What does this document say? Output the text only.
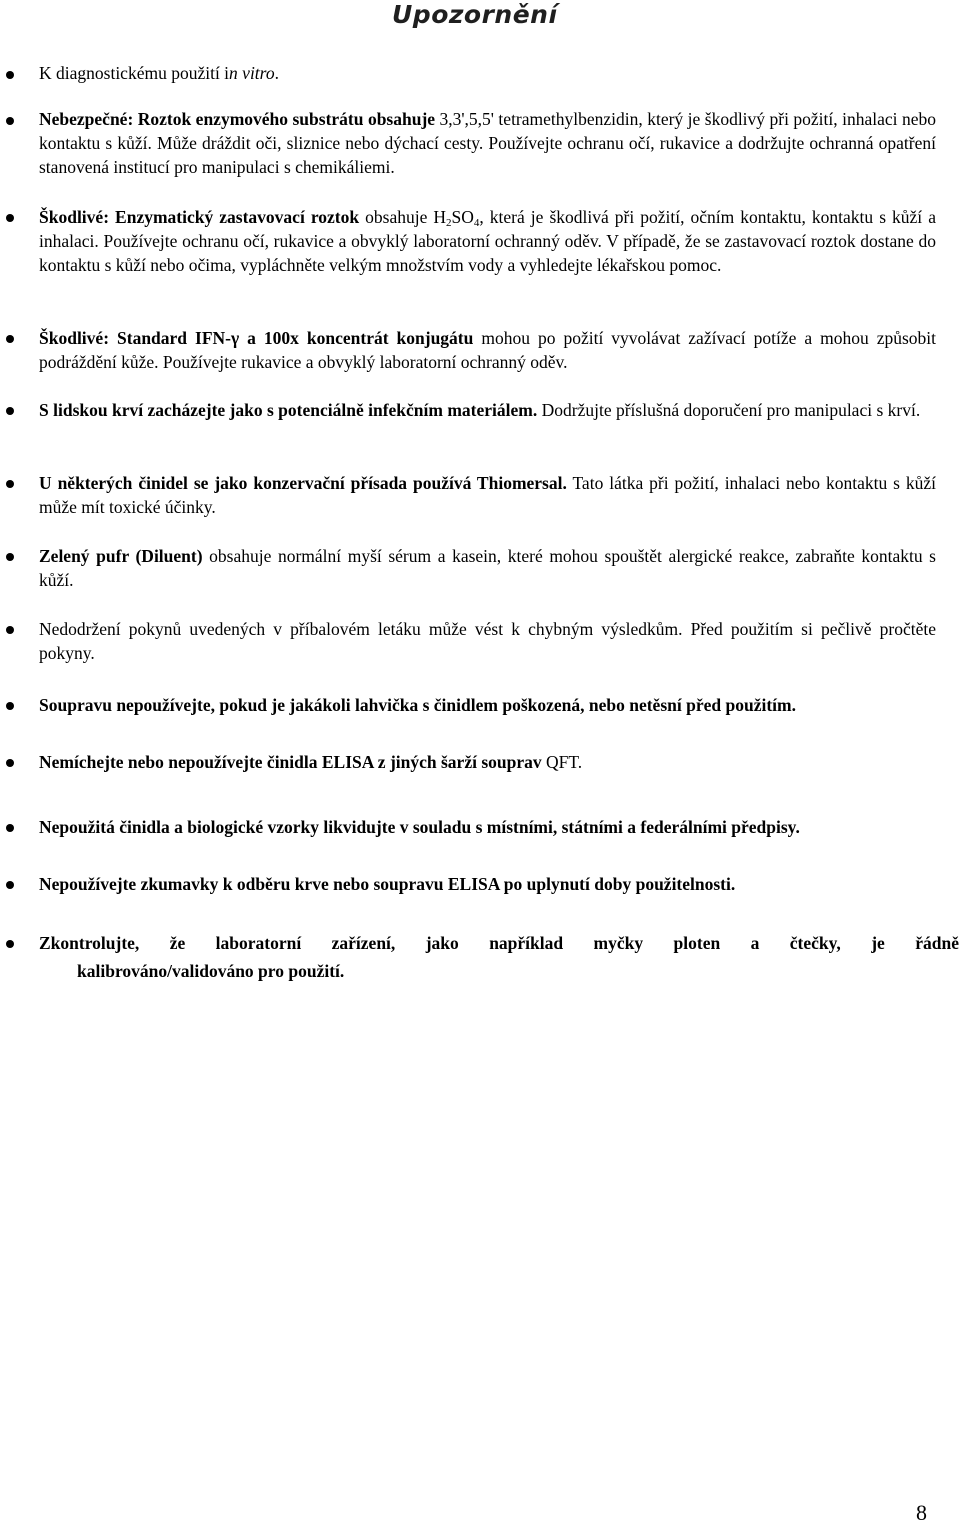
Upozornění
K diagnostickému použití in vitro.
Nebezpečné: Roztok enzymového substrátu obsahuje 3,3',5,5' tetramethylbenzidin, který je škodlivý při požití, inhalaci nebo kontaktu s kůží. Může dráždit oči, sliznice nebo dýchací cesty. Používejte ochranu očí, rukavice a dodržujte ochranná opatření stanovená institucí pro manipulaci s chemikáliemi.
Škodlivé: Enzymatický zastavovací roztok obsahuje $H_2SO_4$, která je škodlivá při požití, očním kontaktu, kontaktu s kůží a inhalaci. Používejte ochranu očí, rukavice a obvyklý laboratorní ochranný oděv. V případě, že se zastavovací roztok dostane do kontaktu s kůží nebo očima, vypláchněte velkým množstvím vody a vyhledejte lékařskou pomoc.
Škodlivé: Standard IFN-γ a 100x koncentrát konjugátu mohou po požití vyvolávat zažívací potíže a mohou způsobit podráždění kůže. Používejte rukavice a obvyklý laboratorní ochranný oděv.
S lidskou krví zacházejte jako s potenciálně infekčním materiálem. Dodržujte příslušná doporučení pro manipulaci s krví.
U některých činidel se jako konzervační přísada používá Thiomersal. Tato látka při požití, inhalaci nebo kontaktu s kůží může mít toxické účinky.
Zelený pufr (Diluent) obsahuje normální myší sérum a kasein, které mohou spouštět alergické reakce, zabraňte kontaktu s kůží.
Nedodržení pokynů uvedených v příbalovém letáku může vést k chybným výsledkům. Před použitím si pečlivě pročtěte pokyny.
Soupravu nepoužívejte, pokud je jakákoli lahvička s činidlem poškozená, nebo netěsní před použitím.
Nemíchejte nebo nepoužívejte činidla ELISA z jiných šarží souprav QFT.
Nepoužitá činidla a biologické vzorky likvidujte v souladu s místními, státními a federálními předpisy.
Nepoužívejte zkumavky k odběru krve nebo soupravu ELISA po uplynutí doby použitelnosti.
Zkontrolujte, že laboratorní zařízení, jako například myčky ploten a čtečky, je řádně
kalibrováno/validováno pro použití.
8
